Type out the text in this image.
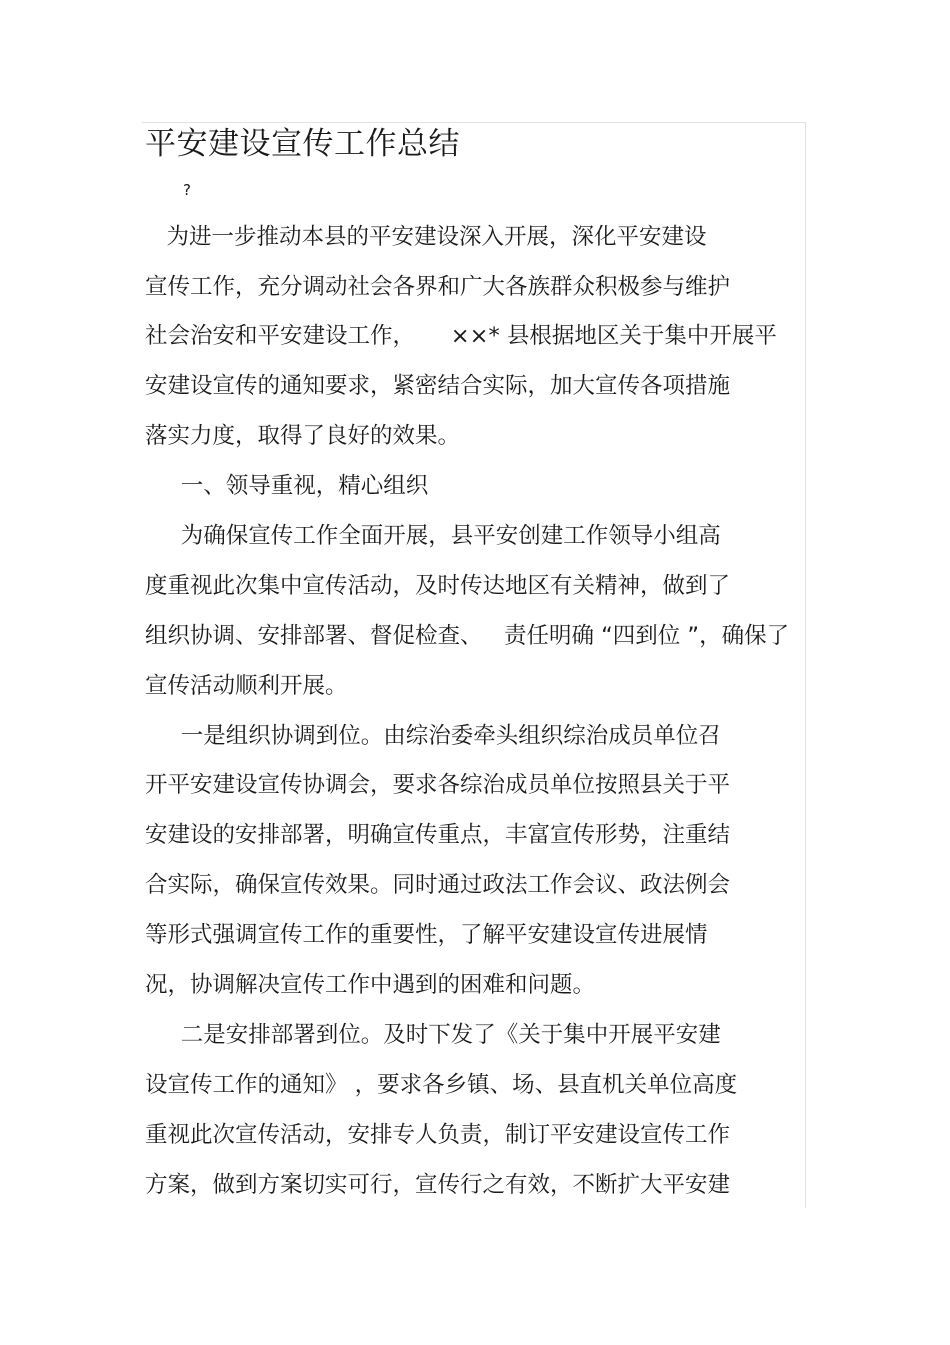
平安建设宣传工作总结
?
为进一步推动本县的平安建设深入开展，深化平安建设
宣传工作，充分调动社会各界和广大各族群众积极参与维护
社会治安和平安建设工作，     ××* 县根据地区关于集中开展平
安建设宣传的通知要求，紧密结合实际，加大宣传各项措施
落实力度，取得了良好的效果。
一、领导重视，精心组织
为确保宣传工作全面开展，县平安创建工作领导小组高
度重视此次集中宣传活动，及时传达地区有关精神，做到了
组织协调、安排部署、督促检查、   责任明确 “四到位 ”，确保了
宣传活动顺利开展。
一是组织协调到位。由综治委牵头组织综治成员单位召
开平安建设宣传协调会，要求各综治成员单位按照县关于平
安建设的安排部署，明确宣传重点，丰富宣传形势，注重结
合实际，确保宣传效果。同时通过政法工作会议、政法例会
等形式强调宣传工作的重要性，了解平安建设宣传进展情
况，协调解决宣传工作中遇到的困难和问题。
二是安排部署到位。及时下发了《关于集中开展平安建
设宣传工作的通知》 ，要求各乡镇、场、县直机关单位高度
重视此次宣传活动，安排专人负责，制订平安建设宣传工作
方案，做到方案切实可行，宣传行之有效，不断扩大平安建
